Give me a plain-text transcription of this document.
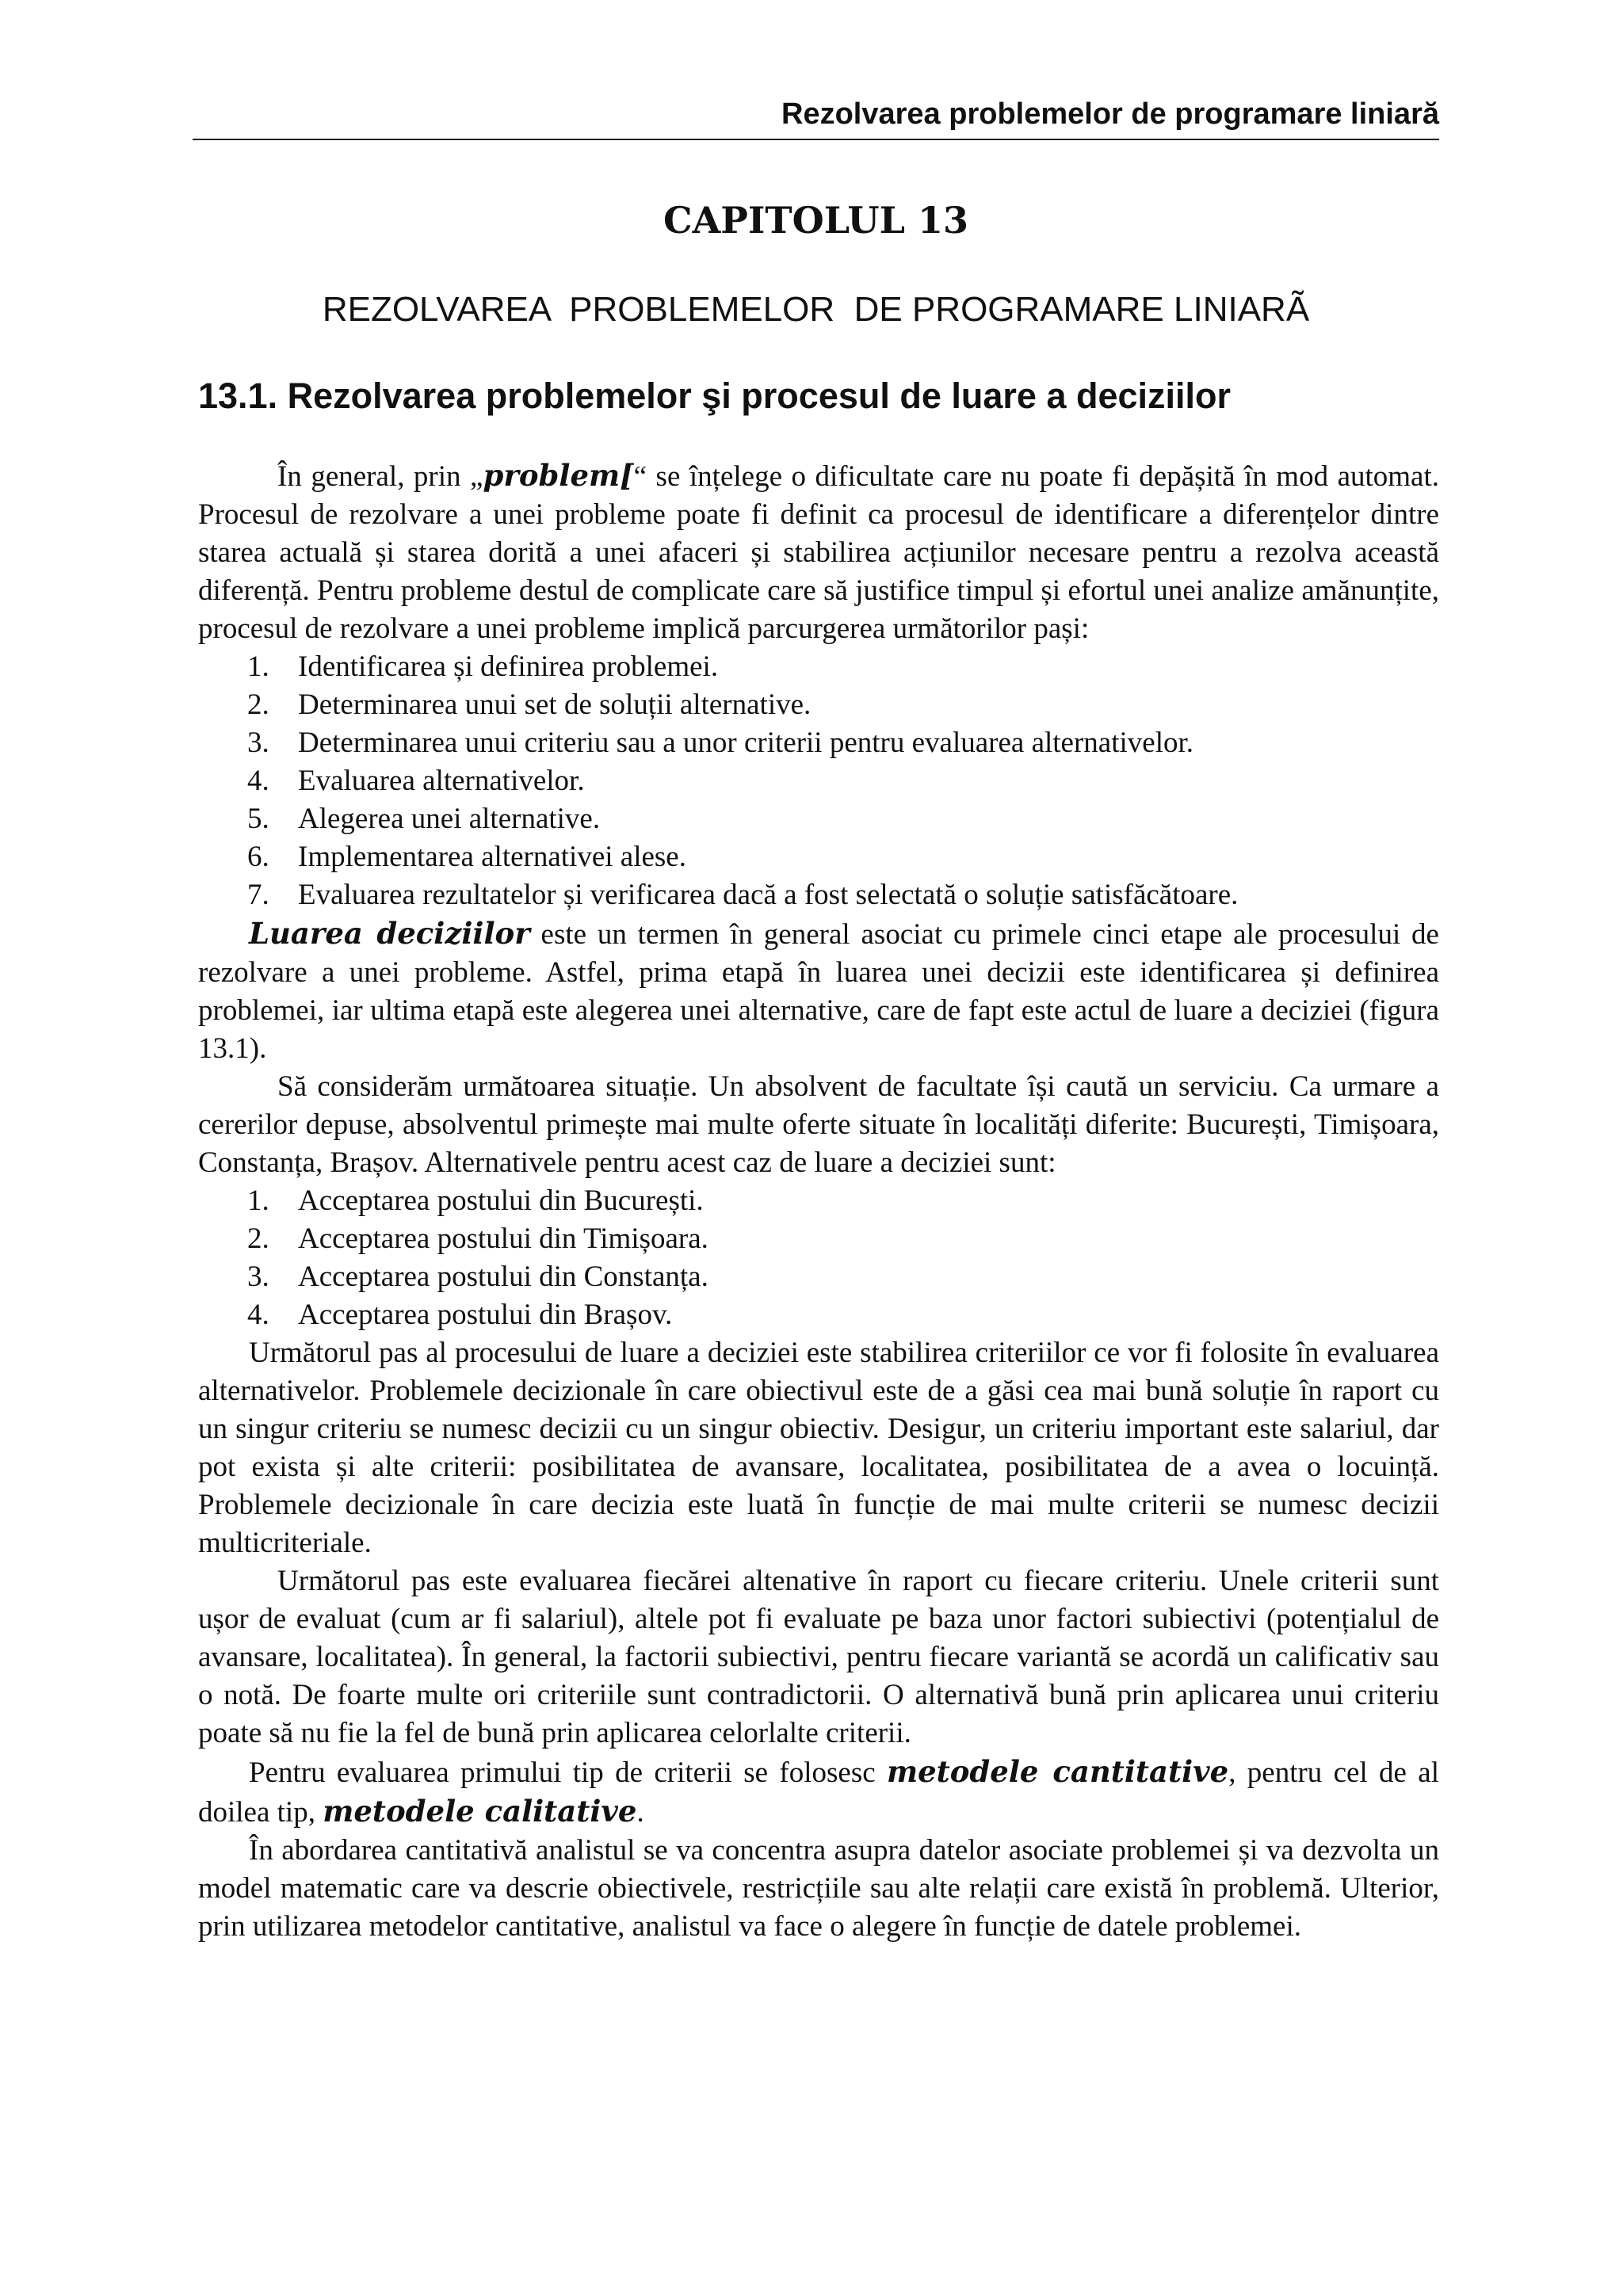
Rezolvarea problemelor de programare liniară
CAPITOLUL 13
REZOLVAREA  PROBLEMELOR  DE PROGRAMARE LINIARÃ
13.1. Rezolvarea problemelor şi procesul de luare a deciziilor

În general, prin „problem[“ se înțelege o dificultate care nu poate fi depășită în mod automat. Procesul de rezolvare a unei probleme poate fi definit ca procesul de identificare a diferențelor dintre starea actuală și starea dorită a unei afaceri și stabilirea acțiunilor necesare pentru a rezolva această diferență. Pentru probleme destul de complicate care să justifice timpul și efortul unei analize amănunțite, procesul de rezolvare a unei probleme implică parcurgerea următorilor pași:

1. Identificarea și definirea problemei.
2. Determinarea unui set de soluții alternative.
3. Determinarea unui criteriu sau a unor criterii pentru evaluarea alternativelor.
4. Evaluarea alternativelor.
5. Alegerea unei alternative.
6. Implementarea alternativei alese.
7. Evaluarea rezultatelor și verificarea dacă a fost selectată o soluție satisfăcătoare.

Luarea deciziilor este un termen în general asociat cu primele cinci etape ale procesului de rezolvare a unei probleme. Astfel, prima etapă în luarea unei decizii este identificarea și definirea problemei, iar ultima etapă este alegerea unei alternative, care de fapt este actul de luare a deciziei (figura 13.1).

Să considerăm următoarea situație. Un absolvent de facultate își caută un serviciu. Ca urmare a cererilor depuse, absolventul primește mai multe oferte situate în localități diferite: București, Timișoara, Constanța, Brașov. Alternativele pentru acest caz de luare a deciziei sunt:

1. Acceptarea postului din București.
2. Acceptarea postului din Timișoara.
3. Acceptarea postului din Constanța.
4. Acceptarea postului din Brașov.

Următorul pas al procesului de luare a deciziei este stabilirea criteriilor ce vor fi folosite în evaluarea alternativelor. Problemele decizionale în care obiectivul este de a găsi cea mai bună soluție în raport cu un singur criteriu se numesc decizii cu un singur obiectiv. Desigur, un criteriu important este salariul, dar pot exista și alte criterii: posibilitatea de avansare, localitatea, posibilitatea de a avea o locuință. Problemele decizionale în care decizia este luată în funcție de mai multe criterii se numesc decizii multicriteriale.

Următorul pas este evaluarea fiecărei altenative în raport cu fiecare criteriu. Unele criterii sunt ușor de evaluat (cum ar fi salariul), altele pot fi evaluate pe baza unor factori subiectivi (potențialul de avansare, localitatea). În general, la factorii subiectivi, pentru fiecare variantă se acordă un calificativ sau o notă. De foarte multe ori criteriile sunt contradictorii. O alternativă bună prin aplicarea unui criteriu poate să nu fie la fel de bună prin aplicarea celorlalte criterii.

Pentru evaluarea primului tip de criterii se folosesc metodele cantitative, pentru cel de al doilea tip, metodele calitative.

În abordarea cantitativă analistul se va concentra asupra datelor asociate problemei și va dezvolta un model matematic care va descrie obiectivele, restricțiile sau alte relații care există în problemă. Ulterior, prin utilizarea metodelor cantitative, analistul va face o alegere în funcție de datele problemei.
